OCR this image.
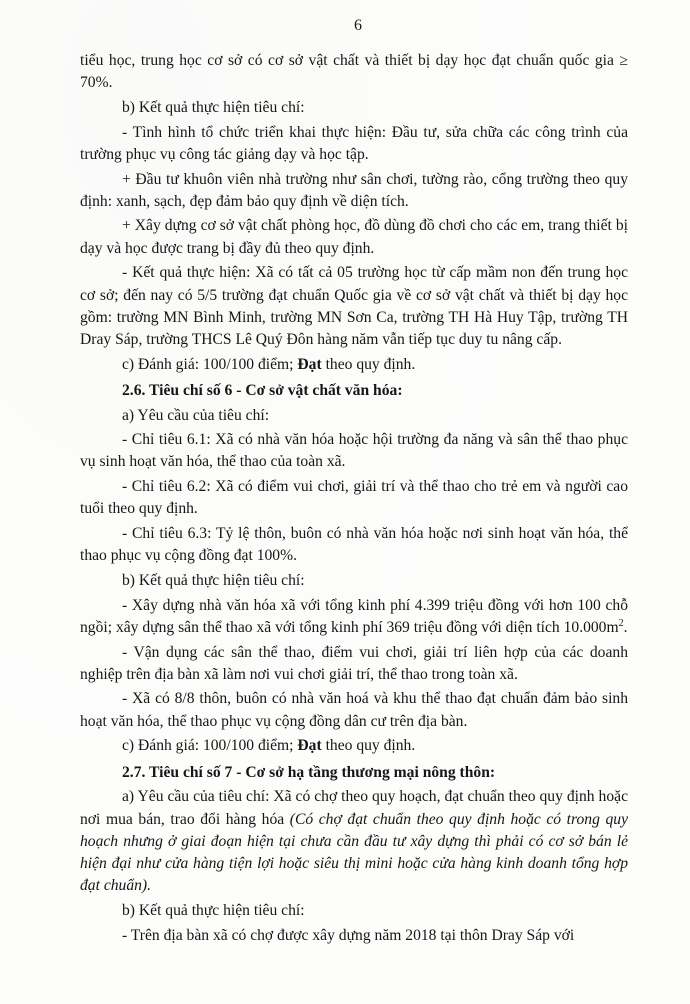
6

tiểu học, trung học cơ sở có cơ sở vật chất và thiết bị dạy học đạt chuẩn quốc gia ≥ 70%.

b) Kết quả thực hiện tiêu chí:

- Tình hình tổ chức triển khai thực hiện: Đầu tư, sửa chữa các công trình của trường phục vụ công tác giảng dạy và học tập.

+ Đầu tư khuôn viên nhà trường như sân chơi, tường rào, cổng trường theo quy định: xanh, sạch, đẹp đảm bảo quy định về diện tích.

+ Xây dựng cơ sở vật chất phòng học, đồ dùng đồ chơi cho các em, trang thiết bị dạy và học được trang bị đầy đủ theo quy định.

- Kết quả thực hiện: Xã có tất cả 05 trường học từ cấp mầm non đến trung học cơ sở; đến nay có 5/5 trường đạt chuẩn Quốc gia về cơ sở vật chất và thiết bị dạy học gồm: trường MN Bình Minh, trường MN Sơn Ca, trường TH Hà Huy Tập, trường TH Dray Sáp, trường THCS Lê Quý Đôn hàng năm vẫn tiếp tục duy tu nâng cấp.

c) Đánh giá: 100/100 điểm; Đạt theo quy định.

2.6. Tiêu chí số 6 - Cơ sở vật chất văn hóa:

a) Yêu cầu của tiêu chí:

- Chỉ tiêu 6.1: Xã có nhà văn hóa hoặc hội trường đa năng và sân thể thao phục vụ sinh hoạt văn hóa, thể thao của toàn xã.

- Chỉ tiêu 6.2: Xã có điểm vui chơi, giải trí và thể thao cho trẻ em và người cao tuổi theo quy định.

- Chỉ tiêu 6.3: Tỷ lệ thôn, buôn có nhà văn hóa hoặc nơi sinh hoạt văn hóa, thể thao phục vụ cộng đồng đạt 100%.

b) Kết quả thực hiện tiêu chí:

- Xây dựng nhà văn hóa xã với tổng kinh phí 4.399 triệu đồng với hơn 100 chỗ ngồi; xây dựng sân thể thao xã với tổng kinh phí 369 triệu đồng với diện tích $10.000m^2$.

- Vận dụng các sân thể thao, điểm vui chơi, giải trí liên hợp của các doanh nghiệp trên địa bàn xã làm nơi vui chơi giải trí, thể thao trong toàn xã.

- Xã có 8/8 thôn, buôn có nhà văn hoá và khu thể thao đạt chuẩn đảm bảo sinh hoạt văn hóa, thể thao phục vụ cộng đồng dân cư trên địa bàn.

c) Đánh giá: 100/100 điểm; Đạt theo quy định.

2.7. Tiêu chí số 7 - Cơ sở hạ tầng thương mại nông thôn:

a) Yêu cầu của tiêu chí: Xã có chợ theo quy hoạch, đạt chuẩn theo quy định hoặc nơi mua bán, trao đổi hàng hóa (Có chợ đạt chuẩn theo quy định hoặc có trong quy hoạch nhưng ở giai đoạn hiện tại chưa cần đầu tư xây dựng thì phải có cơ sở bán lẻ hiện đại như cửa hàng tiện lợi hoặc siêu thị mini hoặc cửa hàng kinh doanh tổng hợp đạt chuẩn).

b) Kết quả thực hiện tiêu chí:

- Trên địa bàn xã có chợ được xây dựng năm 2018 tại thôn Dray Sáp với
